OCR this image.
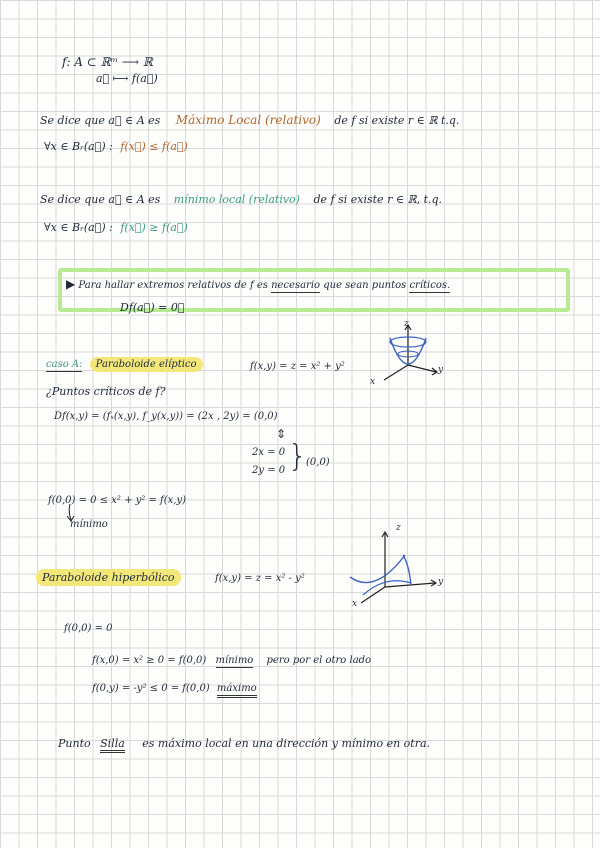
f: A ⊂ ℝᵐ ⟶ ℝ
a⃗ ⟼ f(a⃗)
Se dice que a⃗ ∈ A es Máximo Local (relativo) de f si existe r ∈ ℝ t.q.
∀x ∈ Bᵣ(a⃗) : f(x⃗) ≤ f(a⃗)
Se dice que a⃗ ∈ A es mínimo local (relativo) de f si existe r ∈ ℝ, t.q.
∀x ∈ Bᵣ(a⃗) : f(x⃗) ≥ f(a⃗)
▶ Para hallar extremos relativos de f es necesario que sean puntos críticos.
Df(a⃗) = 0⃗
caso A: Paraboloide elíptico	f(x,y) = z = x² + y²
z
y
x
¿Puntos críticos de f?
Df(x,y) = (fₓ(x,y), f_y(x,y)) = (2x , 2y) = (0,0)
⇕
2x = 0
2y = 0 }
(0,0)
f(0,0) = 0 ≤ x² + y² = f(x,y)
mínimo
Paraboloide hiperbólico	f(x,y) = z = x² - y²
z
y
x
f(0,0) = 0
f(x,0) = x² ≥ 0 = f(0,0) mínimo pero por el otro lado
f(0,y) = -y² ≤ 0 = f(0,0) máximo
Punto Silla es máximo local en una dirección y mínimo en otra.
